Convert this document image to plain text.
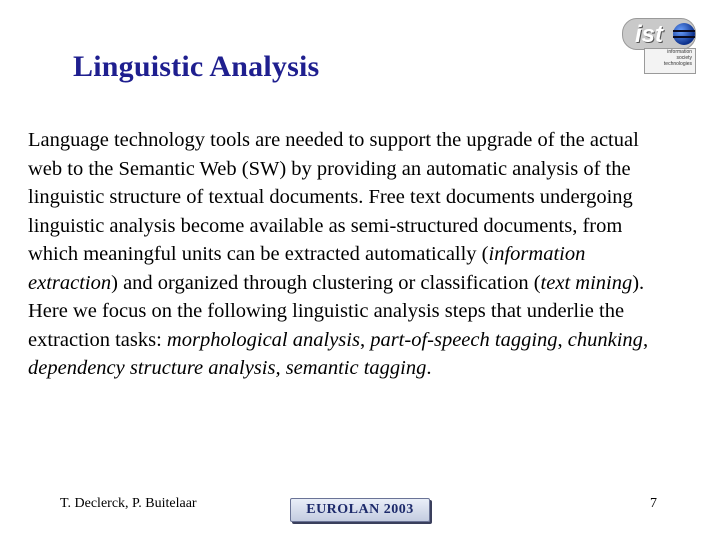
Linguistic Analysis
ist
information
society
technologies
Language technology tools are needed to support the upgrade of the actual web to the Semantic Web (SW) by providing an automatic analysis of the linguistic structure of textual documents. Free text documents undergoing linguistic analysis become available as semi-structured documents, from which meaningful units can be extracted automatically (information extraction) and organized through clustering or classification (text mining). Here we focus on the following linguistic analysis steps that underlie the extraction tasks: morphological analysis, part-of-speech tagging, chunking, dependency structure analysis, semantic tagging.
T. Declerck, P. Buitelaar	EUROLAN 2003	7
